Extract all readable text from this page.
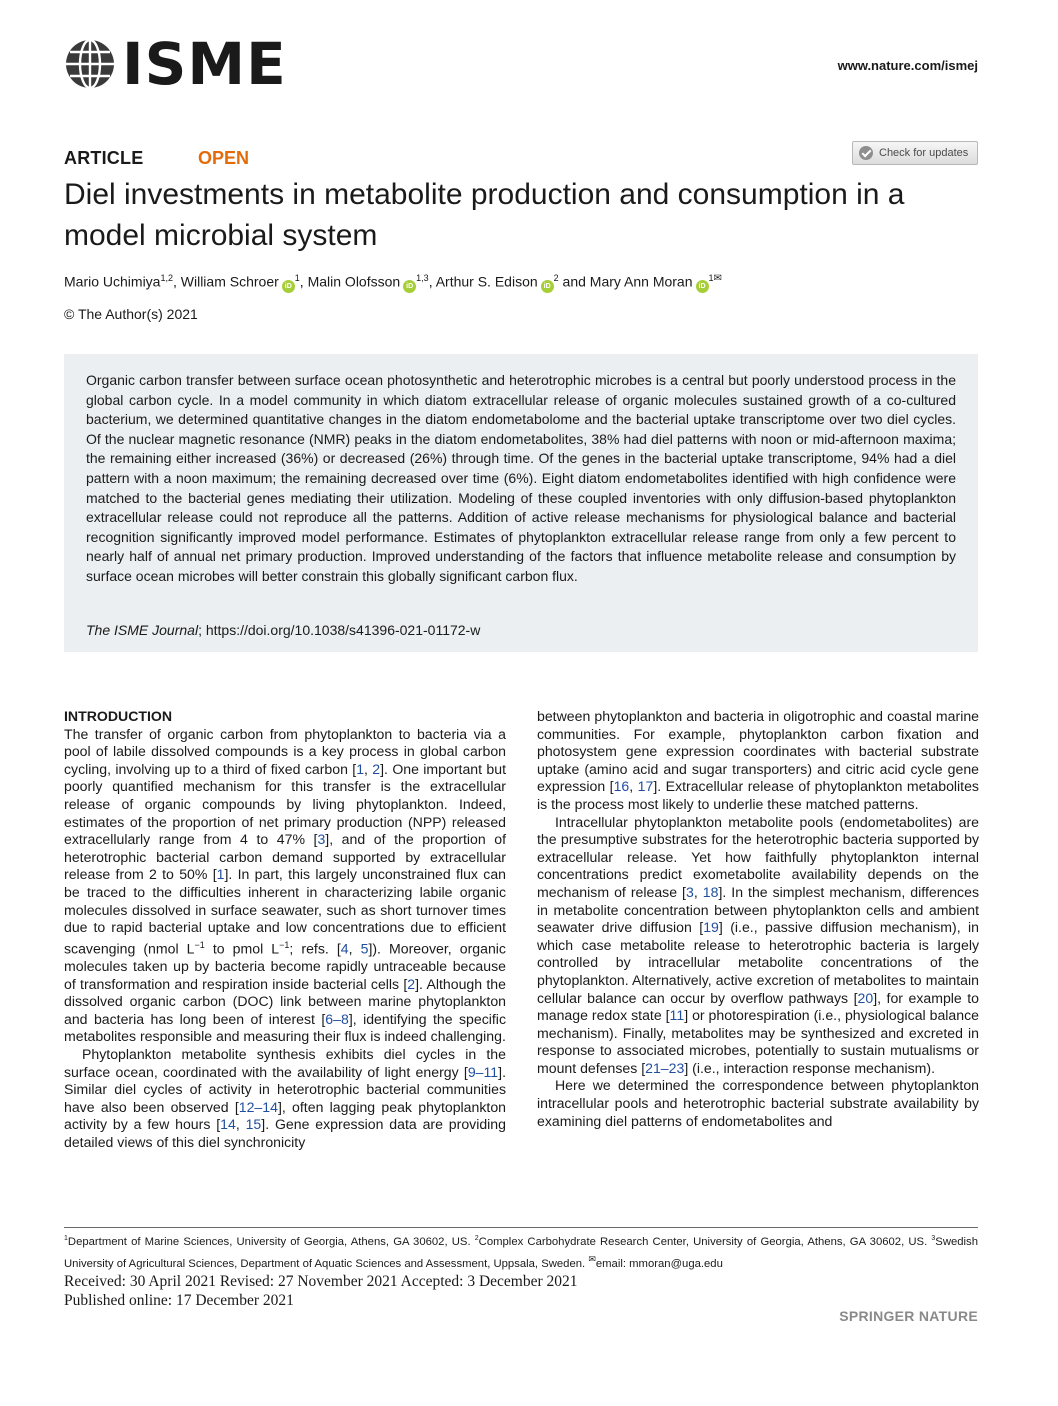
ISME	www.nature.com/ismej
ARTICLE	OPEN	Check for updates
Diel investments in metabolite production and consumption in a model microbial system
Mario Uchimiya$^{1,2}$, William Schroer $iD^1$, Malin Olofsson iD$^{1,3}$, Arthur S. Edison $iD^2$ and Mary Ann Moran $iD^{1✉}$
© The Author(s) 2021
Organic carbon transfer between surface ocean photosynthetic and heterotrophic microbes is a central but poorly understood process in the global carbon cycle. In a model community in which diatom extracellular release of organic molecules sustained growth of a co-cultured bacterium, we determined quantitative changes in the diatom endometabolome and the bacterial uptake transcriptome over two diel cycles. Of the nuclear magnetic resonance (NMR) peaks in the diatom endometabolites, 38% had diel patterns with noon or mid-afternoon maxima; the remaining either increased (36%) or decreased (26%) through time. Of the genes in the bacterial uptake transcriptome, 94% had a diel pattern with a noon maximum; the remaining decreased over time (6%). Eight diatom endometabolites identified with high confidence were matched to the bacterial genes mediating their utilization. Modeling of these coupled inventories with only diffusion-based phytoplankton extracellular release could not reproduce all the patterns. Addition of active release mechanisms for physiological balance and bacterial recognition significantly improved model performance. Estimates of phytoplankton extracellular release range from only a few percent to nearly half of annual net primary production. Improved understanding of the factors that influence metabolite release and consumption by surface ocean microbes will better constrain this globally significant carbon flux.
The ISME Journal; https://doi.org/10.1038/s41396-021-01172-w
INTRODUCTION

The transfer of organic carbon from phytoplankton to bacteria via a pool of labile dissolved compounds is a key process in global carbon cycling, involving up to a third of fixed carbon [1, 2]. One important but poorly quantified mechanism for this transfer is the extracellular release of organic compounds by living phytoplankton. Indeed, estimates of the proportion of net primary production (NPP) released extracellularly range from 4 to 47% [3], and of the proportion of heterotrophic bacterial carbon demand supported by extracellular release from 2 to 50% [1]. In part, this largely unconstrained flux can be traced to the difficulties inherent in characterizing labile organic molecules dissolved in surface seawater, such as short turnover times due to rapid bacterial uptake and low concentrations due to efficient scavenging (nmol $L^{-1}$ to pmol $L^{-1}$; refs. [4, 5]). Moreover, organic molecules taken up by bacteria become rapidly untraceable because of transformation and respiration inside bacterial cells [2]. Although the dissolved organic carbon (DOC) link between marine phytoplankton and bacteria has long been of interest [6–8], identifying the specific metabolites responsible and measuring their flux is indeed challenging.

Phytoplankton metabolite synthesis exhibits diel cycles in the surface ocean, coordinated with the availability of light energy [9–11]. Similar diel cycles of activity in heterotrophic bacterial communities have also been observed [12–14], often lagging peak phytoplankton activity by a few hours [14, 15]. Gene expression data are providing detailed views of this diel synchronicity

between phytoplankton and bacteria in oligotrophic and coastal marine communities. For example, phytoplankton carbon fixation and photosystem gene expression coordinates with bacterial substrate uptake (amino acid and sugar transporters) and citric acid cycle gene expression [16, 17]. Extracellular release of phytoplankton metabolites is the process most likely to underlie these matched patterns.

Intracellular phytoplankton metabolite pools (endometabolites) are the presumptive substrates for the heterotrophic bacteria supported by extracellular release. Yet how faithfully phytoplankton internal concentrations predict exometabolite availability depends on the mechanism of release [3, 18]. In the simplest mechanism, differences in metabolite concentration between phytoplankton cells and ambient seawater drive diffusion [19] (i.e., passive diffusion mechanism), in which case metabolite release to heterotrophic bacteria is largely controlled by intracellular metabolite concentrations of the phytoplankton. Alternatively, active excretion of metabolites to maintain cellular balance can occur by overflow pathways [20], for example to manage redox state [11] or photorespiration (i.e., physiological balance mechanism). Finally, metabolites may be synthesized and excreted in response to associated microbes, potentially to sustain mutualisms or mount defenses [21–23] (i.e., interaction response mechanism).

Here we determined the correspondence between phytoplankton intracellular pools and heterotrophic bacterial substrate availability by examining diel patterns of endometabolites and

$^1$Department of Marine Sciences, University of Georgia, Athens, GA 30602, US. $^2$Complex Carbohydrate Research Center, University of Georgia, Athens, GA 30602, US. $^3$Swedish University of Agricultural Sciences, Department of Aquatic Sciences and Assessment, Uppsala, Sweden. ✉email: mmoran@uga.edu
Received: 30 April 2021 Revised: 27 November 2021 Accepted: 3 December 2021
Published online: 17 December 2021
SPRINGER NATURE
